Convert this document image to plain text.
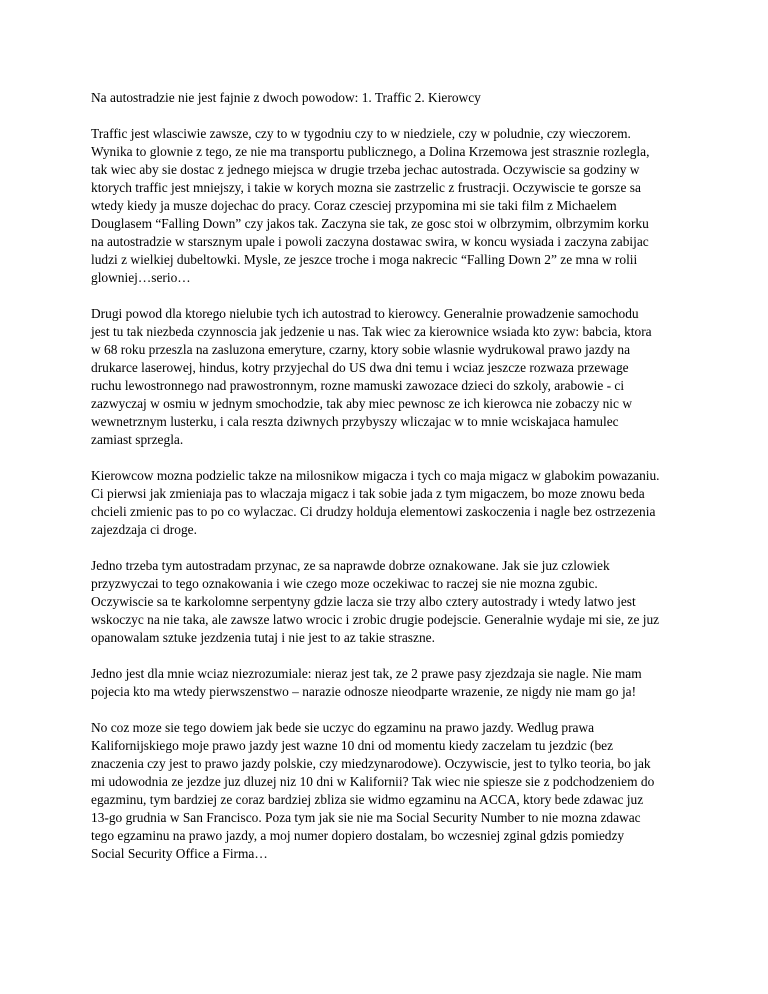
Na autostradzie nie jest fajnie z dwoch powodow: 1. Traffic 2. Kierowcy

Traffic jest wlasciwie zawsze, czy to w tygodniu czy to w niedziele, czy w poludnie, czy wieczorem.
Wynika to glownie z tego, ze nie ma transportu publicznego, a Dolina Krzemowa jest strasznie rozlegla,
tak wiec aby sie dostac z jednego miejsca w drugie trzeba jechac autostrada. Oczywiscie sa godziny w
ktorych traffic jest mniejszy, i takie w korych mozna sie zastrzelic z frustracji. Oczywiscie te gorsze sa
wtedy kiedy ja musze dojechac do pracy. Coraz czesciej przypomina mi sie taki film z Michaelem
Douglasem “Falling Down” czy jakos tak. Zaczyna sie tak, ze gosc stoi w olbrzymim, olbrzymim korku
na autostradzie w starsznym upale i powoli zaczyna dostawac swira, w koncu wysiada i zaczyna zabijac
ludzi z wielkiej dubeltowki. Mysle, ze jeszce troche i moga nakrecic “Falling Down 2” ze mna w rolii
glowniej…serio…

Drugi powod dla ktorego nielubie tych ich autostrad to kierowcy. Generalnie prowadzenie samochodu
jest tu tak niezbeda czynnoscia jak jedzenie u nas. Tak wiec za kierownice wsiada kto zyw: babcia, ktora
w 68 roku przeszla na zasluzona emeryture, czarny, ktory sobie wlasnie wydrukowal prawo jazdy na
drukarce laserowej, hindus, kotry przyjechal do US dwa dni temu i wciaz jeszcze rozwaza przewage
ruchu lewostronnego nad prawostronnym, rozne mamuski zawozace dzieci do szkoly, arabowie - ci
zazwyczaj w osmiu w jednym smochodzie, tak aby miec pewnosc ze ich kierowca nie zobaczy nic w
wewnetrznym lusterku, i cala reszta dziwnych przybyszy wliczajac w to mnie wciskajaca hamulec
zamiast sprzegla.

Kierowcow mozna podzielic takze na milosnikow migacza i tych co maja migacz w glabokim powazaniu.
Ci pierwsi jak zmieniaja pas to wlaczaja migacz i tak sobie jada z tym migaczem, bo moze znowu beda
chcieli zmienic pas to po co wylaczac. Ci drudzy holduja elementowi zaskoczenia i nagle bez ostrzezenia
zajezdzaja ci droge.

Jedno trzeba tym autostradam przynac, ze sa naprawde dobrze oznakowane. Jak sie juz czlowiek
przyzwyczai to tego oznakowania i wie czego moze oczekiwac to raczej sie nie mozna zgubic.
Oczywiscie sa te karkolomne serpentyny gdzie lacza sie trzy albo cztery autostrady i wtedy latwo jest
wskoczyc na nie taka, ale zawsze latwo wrocic i zrobic drugie podejscie. Generalnie wydaje mi sie, ze juz
opanowalam sztuke jezdzenia tutaj i nie jest to az takie straszne.

Jedno jest dla mnie wciaz niezrozumiale: nieraz jest tak, ze 2 prawe pasy zjezdzaja sie nagle. Nie mam
pojecia kto ma wtedy pierwszenstwo – narazie odnosze nieodparte wrazenie, ze nigdy nie mam go ja!

No coz moze sie tego dowiem jak bede sie uczyc do egzaminu na prawo jazdy. Wedlug prawa
Kalifornijskiego moje prawo jazdy jest wazne 10 dni od momentu kiedy zaczelam tu jezdzic (bez
znaczenia czy jest to prawo jazdy polskie, czy miedzynarodowe). Oczywiscie, jest to tylko teoria, bo jak
mi udowodnia ze jezdze juz dluzej niz 10 dni w Kalifornii? Tak wiec nie spiesze sie z podchodzeniem do
egazminu, tym bardziej ze coraz bardziej zbliza sie widmo egzaminu na ACCA, ktory bede zdawac juz
13-go grudnia w San Francisco. Poza tym jak sie nie ma Social Security Number to nie mozna zdawac
tego egzaminu na prawo jazdy, a moj numer dopiero dostalam, bo wczesniej zginal gdzis pomiedzy
Social Security Office a Firma…
